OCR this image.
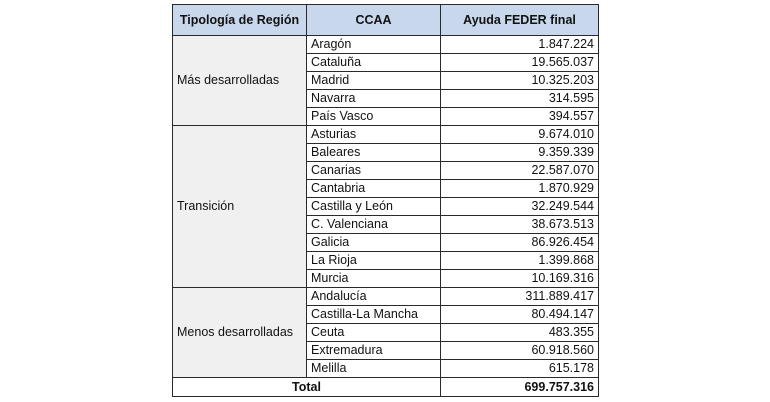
Tipología de Región	CCAA	Ayuda FEDER final
Más desarrolladas	Aragón	1.847.224
	Cataluña	19.565.037
	Madrid	10.325.203
	Navarra	314.595
	País Vasco	394.557
Transición	Asturias	9.674.010
	Baleares	9.359.339
	Canarias	22.587.070
	Cantabria	1.870.929
	Castilla y León	32.249.544
	C. Valenciana	38.673.513
	Galicia	86.926.454
	La Rioja	1.399.868
	Murcia	10.169.316
Menos desarrolladas	Andalucía	311.889.417
	Castilla-La Mancha	80.494.147
	Ceuta	483.355
	Extremadura	60.918.560
	Melilla	615.178
Total		699.757.316
